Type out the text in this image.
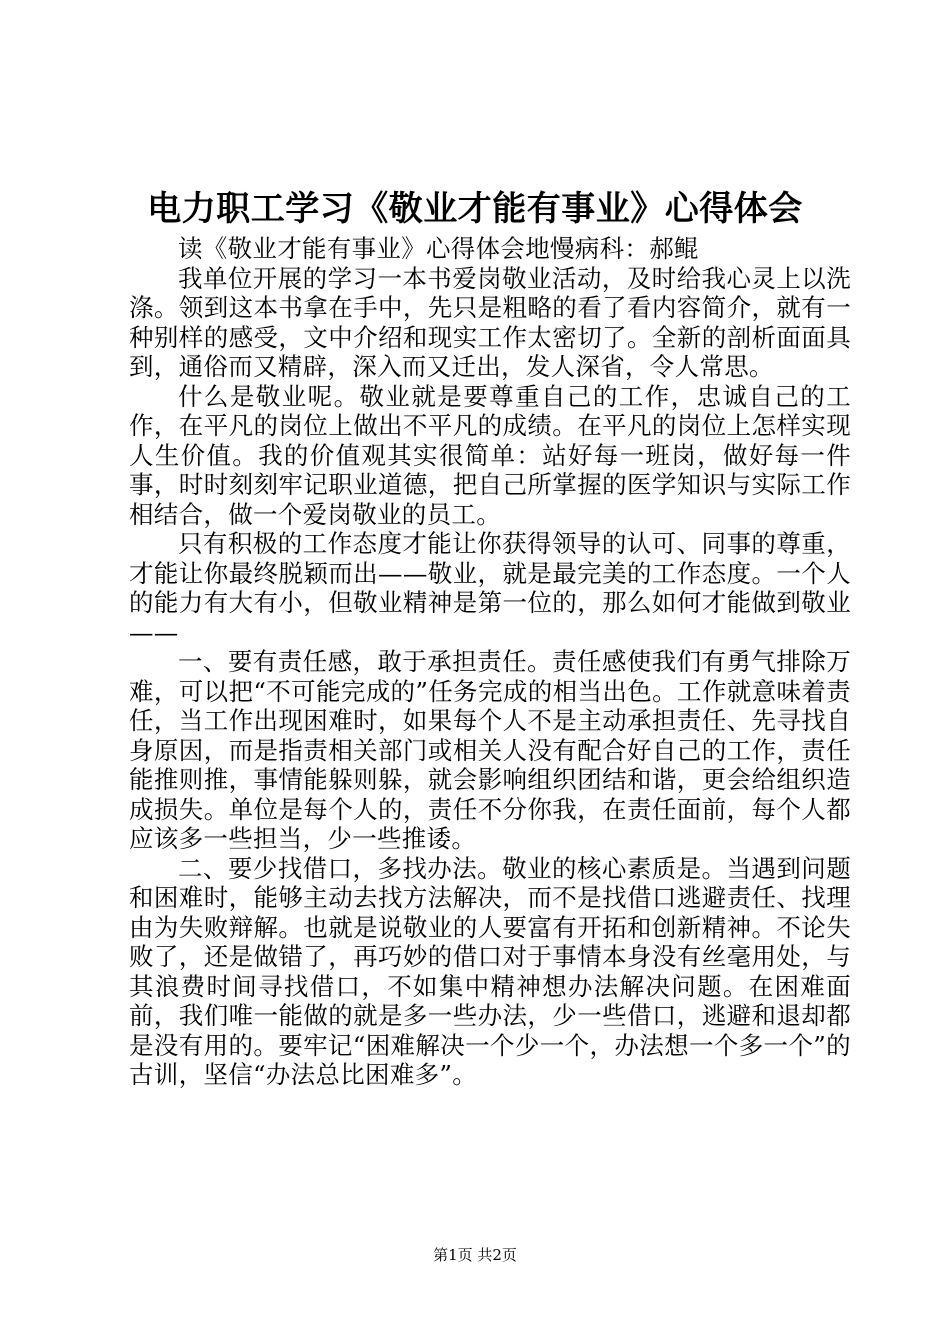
电力职工学习《敬业才能有事业》心得体会

读《敬业才能有事业》心得体会地慢病科：郝鲲

我单位开展的学习一本书爱岗敬业活动，及时给我心灵上以洗涤。领到这本书拿在手中，先只是粗略的看了看内容简介，就有一种别样的感受，文中介绍和现实工作太密切了。全新的剖析面面具到，通俗而又精辟，深入而又迁出，发人深省，令人常思。

什么是敬业呢。敬业就是要尊重自己的工作，忠诚自己的工作，在平凡的岗位上做出不平凡的成绩。在平凡的岗位上怎样实现人生价值。我的价值观其实很简单：站好每一班岗，做好每一件事，时时刻刻牢记职业道德，把自己所掌握的医学知识与实际工作相结合，做一个爱岗敬业的员工。

只有积极的工作态度才能让你获得领导的认可、同事的尊重，才能让你最终脱颖而出——敬业，就是最完美的工作态度。一个人的能力有大有小，但敬业精神是第一位的，那么如何才能做到敬业——

一、要有责任感，敢于承担责任。责任感使我们有勇气排除万难，可以把“不可能完成的”任务完成的相当出色。工作就意味着责任，当工作出现困难时，如果每个人不是主动承担责任、先寻找自身原因，而是指责相关部门或相关人没有配合好自己的工作，责任能推则推，事情能躲则躲，就会影响组织团结和谐，更会给组织造成损失。单位是每个人的，责任不分你我，在责任面前，每个人都应该多一些担当，少一些推诿。

二、要少找借口，多找办法。敬业的核心素质是。当遇到问题和困难时，能够主动去找方法解决，而不是找借口逃避责任、找理由为失败辩解。也就是说敬业的人要富有开拓和创新精神。不论失败了，还是做错了，再巧妙的借口对于事情本身没有丝毫用处，与其浪费时间寻找借口，不如集中精神想办法解决问题。在困难面前，我们唯一能做的就是多一些办法，少一些借口，逃避和退却都是没有用的。要牢记“困难解决一个少一个，办法想一个多一个”的古训，坚信“办法总比困难多”。

第1页 共2页
